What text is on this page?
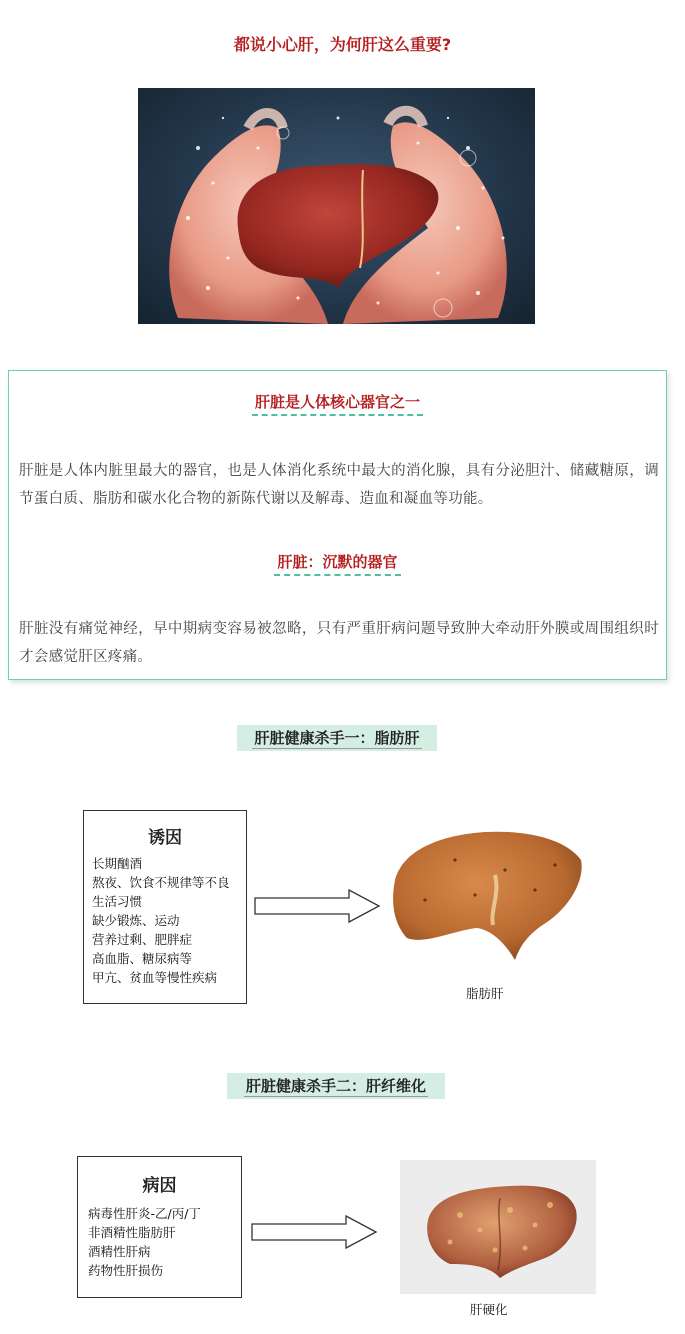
都说小心肝，为何肝这么重要?
肝脏是人体核心器官之一

肝脏是人体内脏里最大的器官，也是人体消化系统中最大的消化腺，具有分泌胆汁、储藏糖原，调节蛋白质、脂肪和碳水化合物的新陈代谢以及解毒、造血和凝血等功能。

肝脏：沉默的器官

肝脏没有痛觉神经，早中期病变容易被忽略，只有严重肝病问题导致肿大牵动肝外膜或周围组织时才会感觉肝区疼痛。

肝脏健康杀手一：脂肪肝
诱因
长期酗酒
熬夜、饮食不规律等不良
生活习惯
缺少锻炼、运动
营养过剩、肥胖症
高血脂、糖尿病等
甲亢、贫血等慢性疾病
脂肪肝
肝脏健康杀手二：肝纤维化
病因
病毒性肝炎-乙/丙/丁
非酒精性脂肪肝
酒精性肝病
药物性肝损伤
肝硬化
